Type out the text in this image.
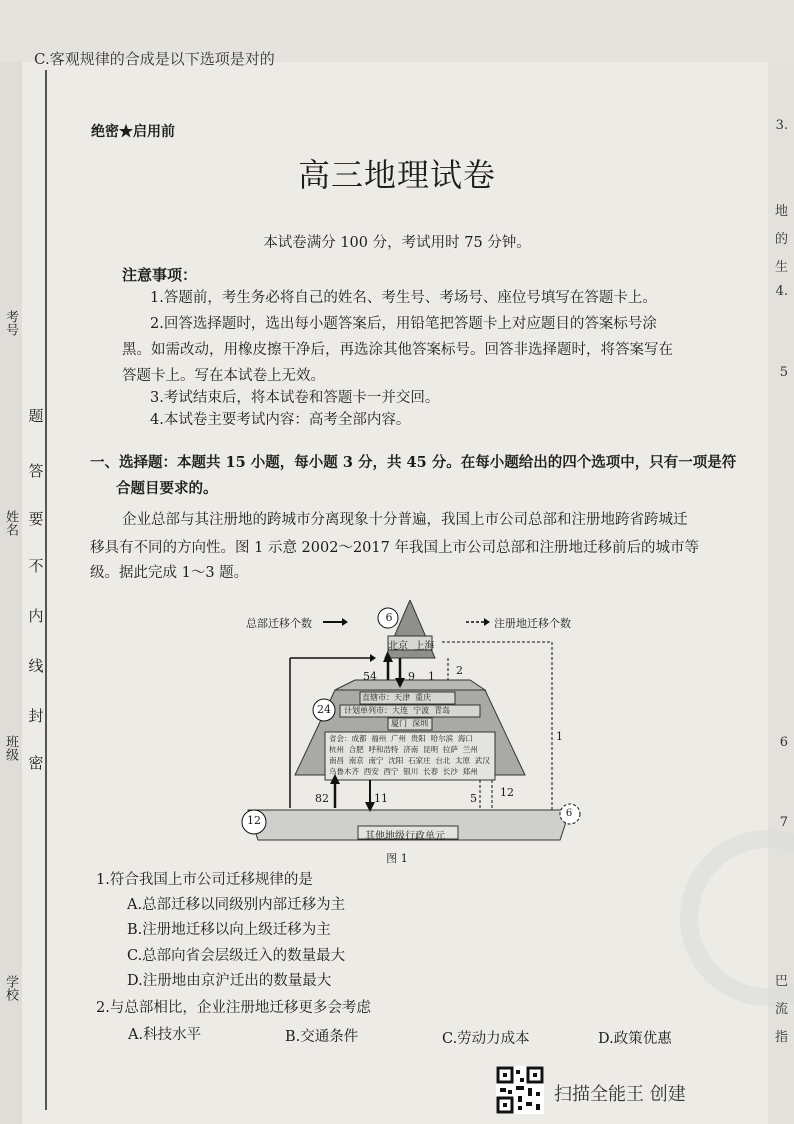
C.客观规律的合成是以下选项是对的
题
答
要
不
内
线
封
密
学校
班级
姓名
考号
绝密★启用前
高三地理试卷
本试卷满分 100 分，考试用时 75 分钟。
注意事项：
1.答题前，考生务必将自己的姓名、考生号、考场号、座位号填写在答题卡上。
2.回答选择题时，选出每小题答案后，用铅笔把答题卡上对应题目的答案标号涂
黑。如需改动，用橡皮擦干净后，再选涂其他答案标号。回答非选择题时，将答案写在
答题卡上。写在本试卷上无效。
3.考试结束后，将本试卷和答题卡一并交回。
4.本试卷主要考试内容：高考全部内容。
一、选择题：本题共 15 小题，每小题 3 分，共 45 分。在每小题给出的四个选项中，只有一项是符
合题目要求的。
企业总部与其注册地的跨城市分离现象十分普遍，我国上市公司总部和注册地跨省跨城迁
移具有不同的方向性。图 1 示意 2002～2017 年我国上市公司总部和注册地迁移前后的城市等
级。据此完成 1～3 题。
总部迁移个数	注册地迁移个数
6
北京  上海
24
直辖市：天津  重庆
计划单列市：大连  宁波  青岛
厦门  深圳
省会：成都  福州  广州  贵阳  哈尔滨  海口
杭州  合肥  呼和浩特  济南  昆明  拉萨  兰州
南昌  南京  南宁  沈阳  石家庄  台北  太原  武汉
乌鲁木齐  西安  西宁  银川  长春  长沙  郑州
其他地级行政单元
12
6
54	9 1 2
82	11	5 12
1
图 1
1.符合我国上市公司迁移规律的是
A.总部迁移以同级别内部迁移为主
B.注册地迁移以向上级迁移为主
C.总部向省会层级迁入的数量最大
D.注册地由京沪迁出的数量最大
2.与总部相比，企业注册地迁移更多会考虑
A.科技水平	B.交通条件	C.劳动力成本	D.政策优惠
3.
地
的
生
4.
5
6
7
巴
流
指
扫描全能王 创建
